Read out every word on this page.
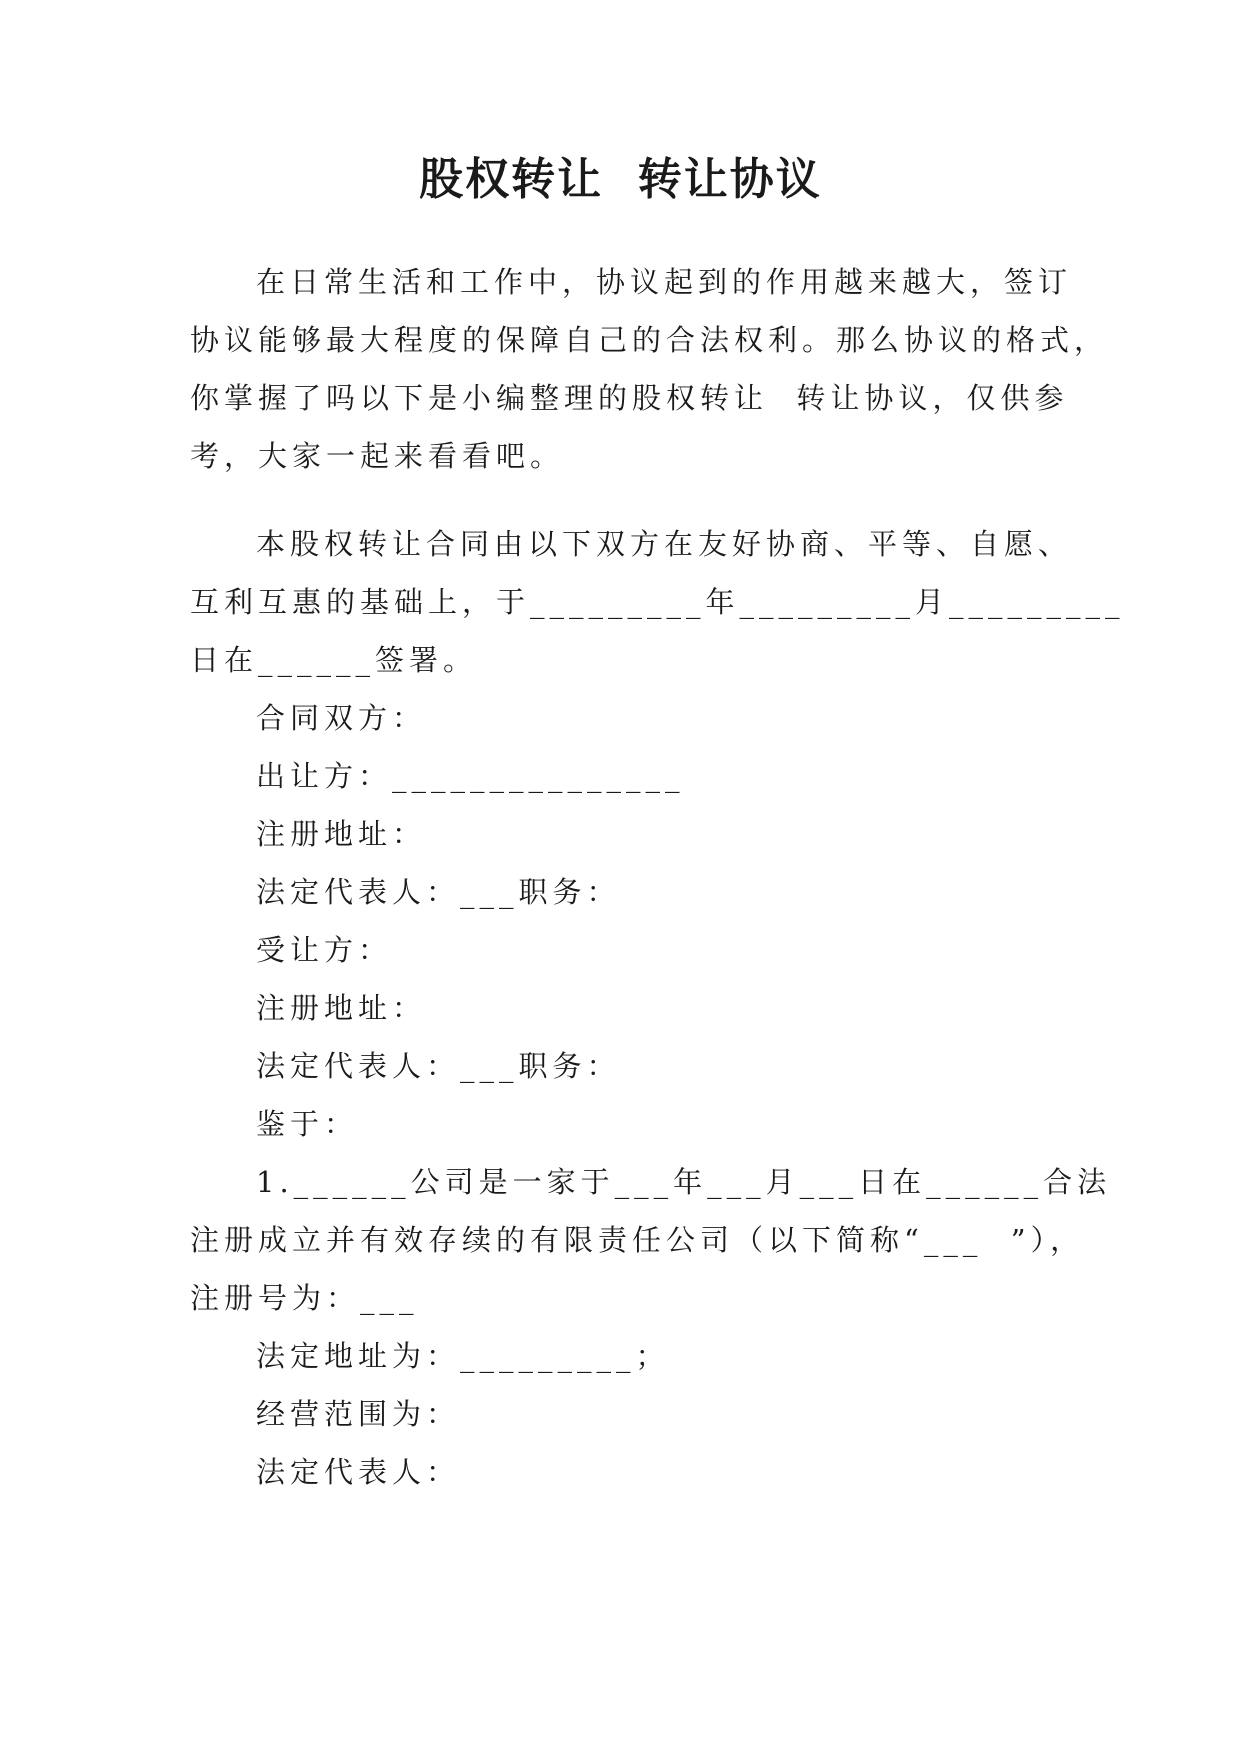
股权转让  转让协议
在日常生活和工作中，协议起到的作用越来越大，签订
协议能够最大程度的保障自己的合法权利。那么协议的格式，
你掌握了吗以下是小编整理的股权转让  转让协议，仅供参
考，大家一起来看看吧。
本股权转让合同由以下双方在友好协商、平等、自愿、
互利互惠的基础上，于_________年_________月_________
日在______签署。
合同双方：
出让方：_______________
注册地址：
法定代表人：___职务：
受让方：
注册地址：
法定代表人：___职务：
鉴于：
1.______公司是一家于___年___月___日在______合法
注册成立并有效存续的有限责任公司（以下简称“___  ”），
注册号为：___
法定地址为：_________；
经营范围为：
法定代表人：
